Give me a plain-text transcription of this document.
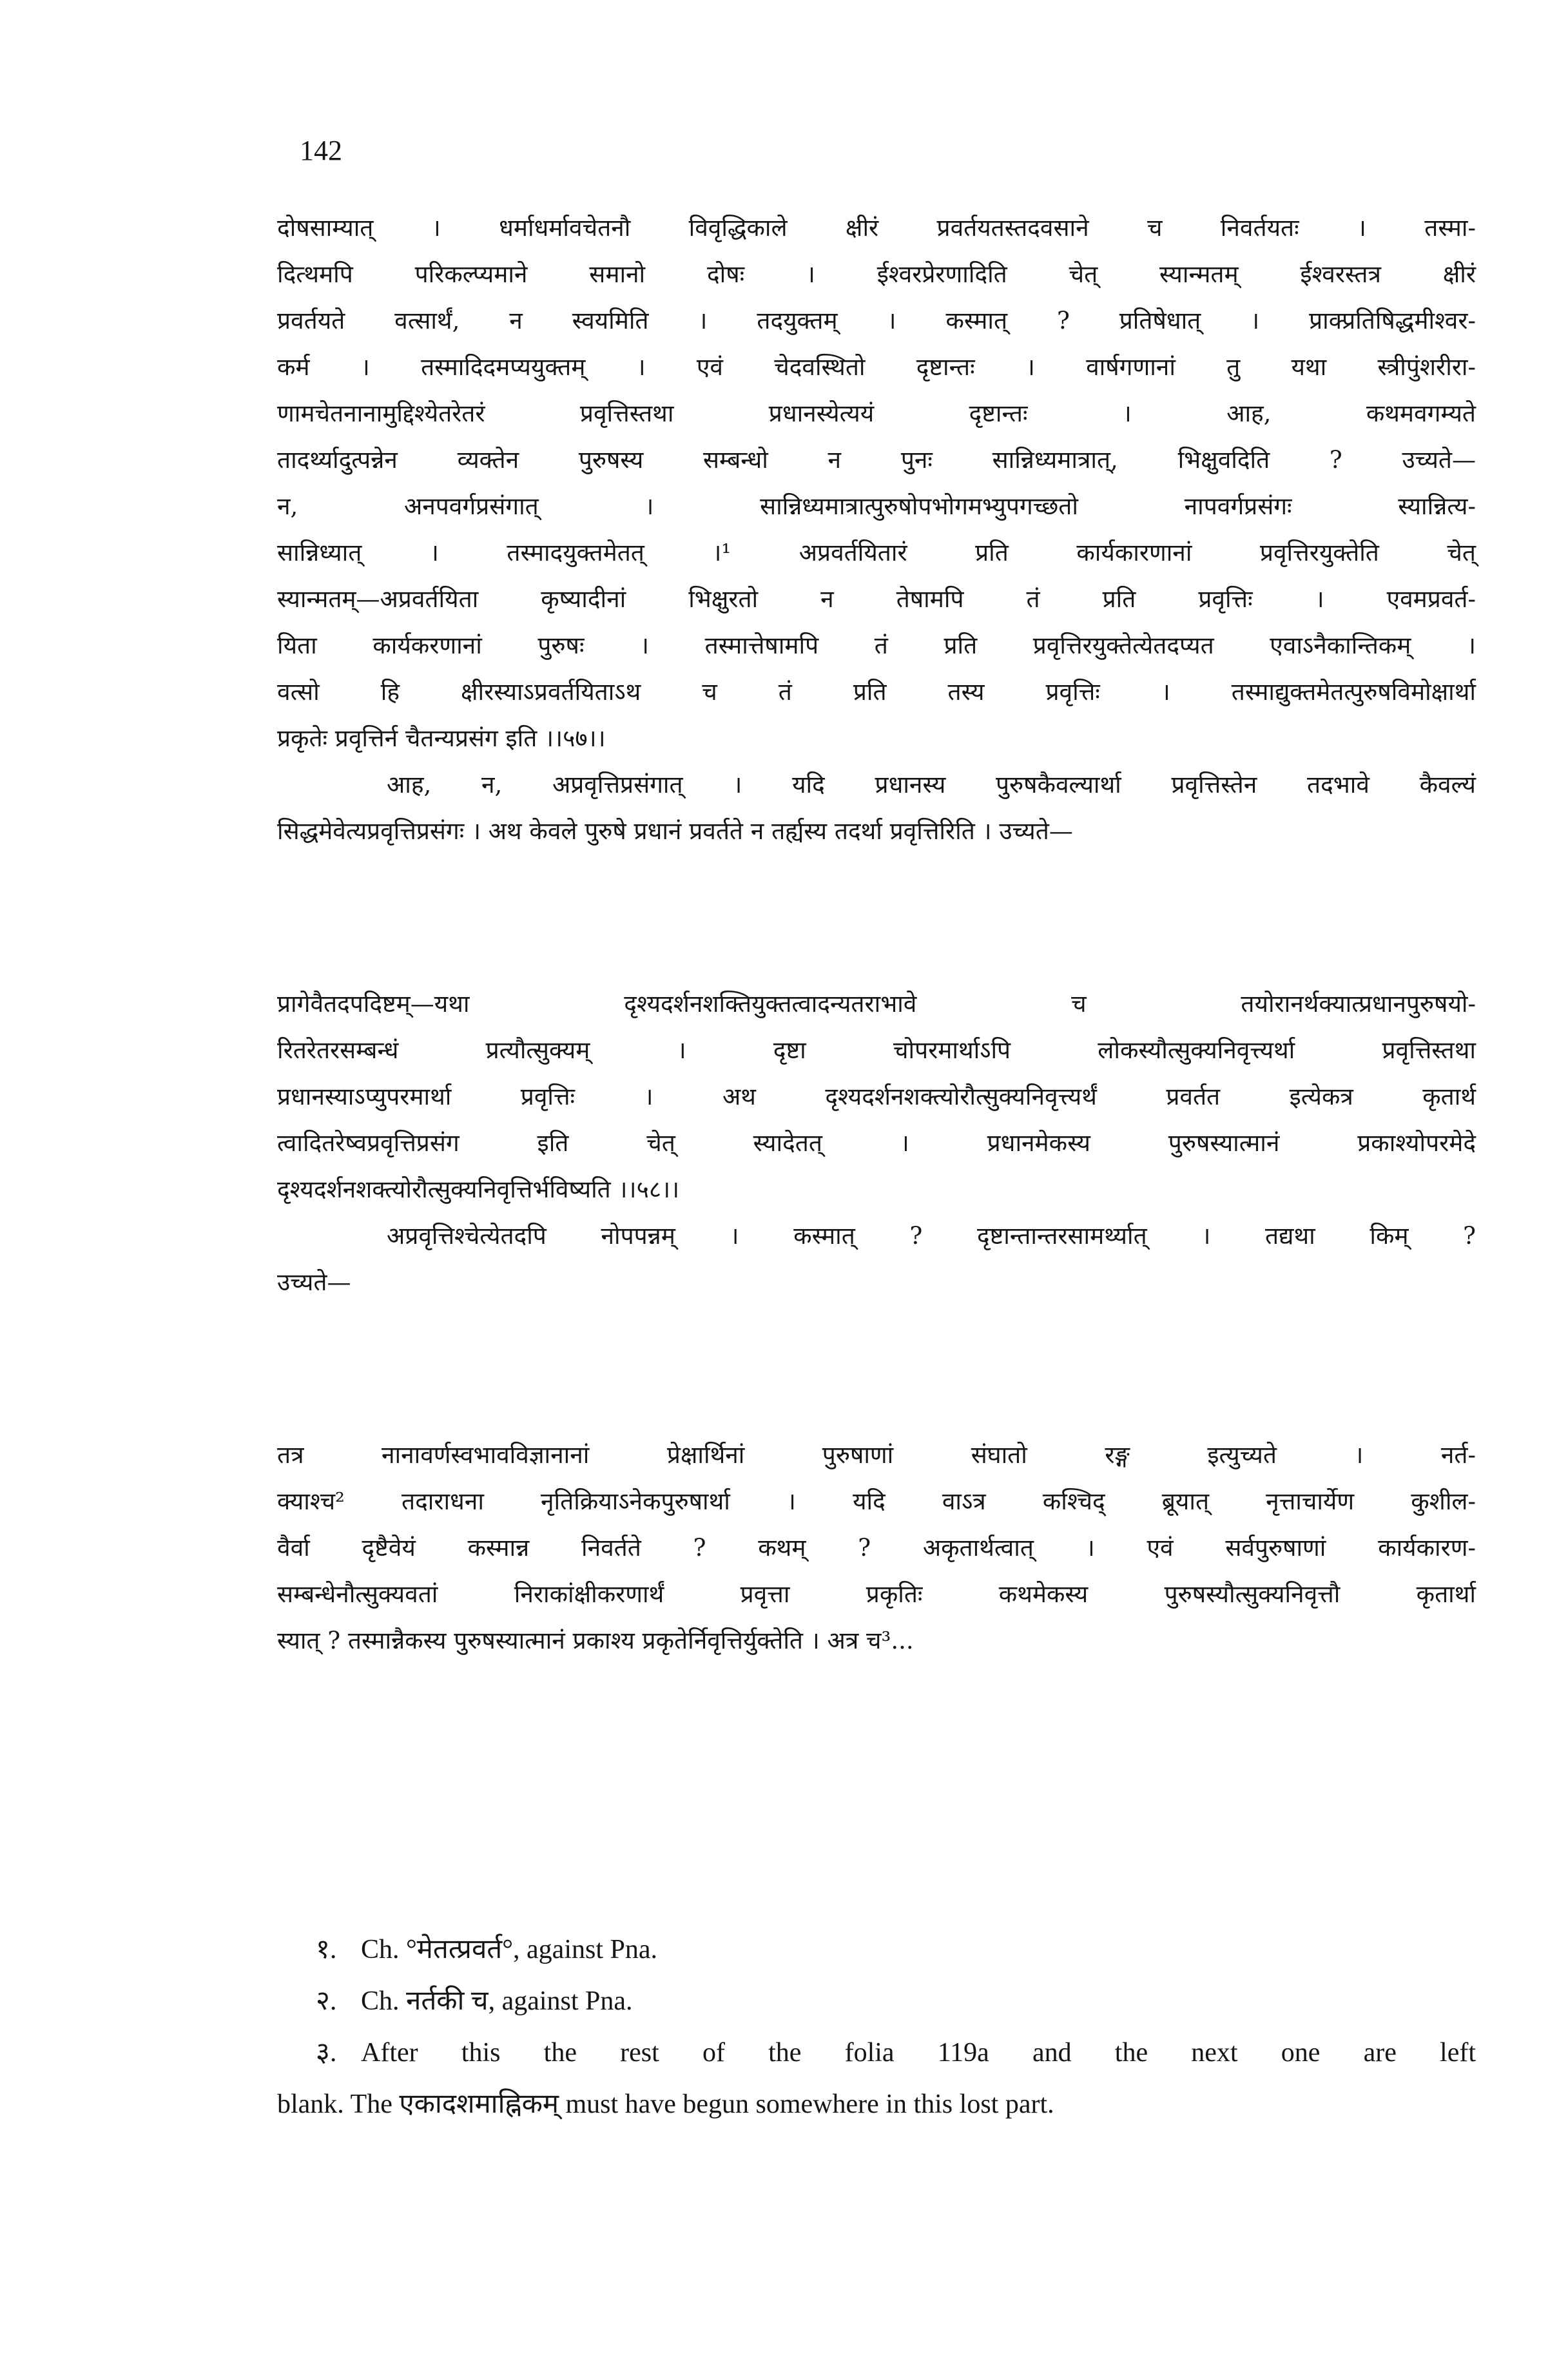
142
दोषसाम्यात् । धर्माधर्मावचेतनौ विवृद्धिकाले क्षीरं प्रवर्तयतस्तदवसाने च निवर्तयतः । तस्मा-
दित्थमपि परिकल्प्यमाने समानो दोषः । ईश्वरप्रेरणादिति चेत् स्यान्मतम् ईश्वरस्तत्र क्षीरं
प्रवर्तयते वत्सार्थं, न स्वयमिति । तदयुक्तम् । कस्मात् ? प्रतिषेधात् । प्राक्प्रतिषिद्धमीश्वर-
कर्म । तस्मादिदमप्ययुक्तम् । एवं चेदवस्थितो दृष्टान्तः । वार्षगणानां तु यथा स्त्रीपुंशरीरा-
णामचेतनानामुद्दिश्येतरेतरं प्रवृत्तिस्तथा प्रधानस्येत्ययं दृष्टान्तः । आह, कथमवगम्यते
तादर्थ्यादुत्पन्नेन व्यक्तेन पुरुषस्य सम्बन्धो न पुनः सान्निध्यमात्रात्, भिक्षुवदिति ? उच्यते—
न, अनपवर्गप्रसंगात् । सान्निध्यमात्रात्पुरुषोपभोगमभ्युपगच्छतो नापवर्गप्रसंगः स्यान्नित्य-
सान्निध्यात् । तस्मादयुक्तमेतत् ।¹ अप्रवर्तयितारं प्रति कार्यकारणानां प्रवृत्तिरयुक्तेति चेत्
स्यान्मतम्—अप्रवर्तयिता कृष्यादीनां भिक्षुरतो न तेषामपि तं प्रति प्रवृत्तिः । एवमप्रवर्त-
यिता कार्यकरणानां पुरुषः । तस्मात्तेषामपि तं प्रति प्रवृत्तिरयुक्तेत्येतदप्यत एवाऽनैकान्तिकम् ।
वत्सो हि क्षीरस्याऽप्रवर्तयिताऽथ च तं प्रति तस्य प्रवृत्तिः । तस्माद्युक्तमेतत्पुरुषविमोक्षार्था
प्रकृतेः प्रवृत्तिर्न चैतन्यप्रसंग इति ।।५७।।
आह, न, अप्रवृत्तिप्रसंगात् । यदि प्रधानस्य पुरुषकैवल्यार्था प्रवृत्तिस्तेन तदभावे कैवल्यं
सिद्धमेवेत्यप्रवृत्तिप्रसंगः । अथ केवले पुरुषे प्रधानं प्रवर्तते न तर्ह्यस्य तदर्था प्रवृत्तिरिति । उच्यते—
प्रागेवैतदपदिष्टम्—यथा दृश्यदर्शनशक्तियुक्तत्वादन्यतराभावे च तयोरानर्थक्यात्प्रधानपुरुषयो-
रितरेतरसम्बन्धं प्रत्यौत्सुक्यम् । दृष्टा चोपरमार्थाऽपि लोकस्यौत्सुक्यनिवृत्त्यर्था प्रवृत्तिस्तथा
प्रधानस्याऽप्युपरमार्था प्रवृत्तिः । अथ दृश्यदर्शनशक्त्योरौत्सुक्यनिवृत्त्यर्थं प्रवर्तत इत्येकत्र कृतार्थ
त्वादितरेष्वप्रवृत्तिप्रसंग इति चेत् स्यादेतत् । प्रधानमेकस्य पुरुषस्यात्मानं प्रकाश्योपरमेदे
दृश्यदर्शनशक्त्योरौत्सुक्यनिवृत्तिर्भविष्यति ।।५८।।
अप्रवृत्तिश्चेत्येतदपि नोपपन्नम् । कस्मात् ? दृष्टान्तान्तरसामर्थ्यात् । तद्यथा किम् ?
उच्यते—
तत्र नानावर्णस्वभावविज्ञानानां प्रेक्षार्थिनां पुरुषाणां संघातो रङ्ग इत्युच्यते । नर्त-
क्याश्च² तदाराधना नृतिक्रियाऽनेकपुरुषार्था । यदि वाऽत्र कश्चिद् ब्रूयात् नृत्ताचार्येण कुशील-
वैर्वा दृष्टैवेयं कस्मान्न निवर्तते ? कथम् ? अकृतार्थत्वात् । एवं सर्वपुरुषाणां कार्यकारण-
सम्बन्धेनौत्सुक्यवतां निराकांक्षीकरणार्थं प्रवृत्ता प्रकृतिः कथमेकस्य पुरुषस्यौत्सुक्यनिवृत्तौ कृतार्था
स्यात् ? तस्मान्नैकस्य पुरुषस्यात्मानं प्रकाश्य प्रकृतेर्निवृत्तिर्युक्तेति । अत्र च³...
१. Ch. °मेतत्प्रवर्त°, against Pna.
२. Ch. नर्तकी च, against Pna.
३. After this the rest of the folia 119a and the next one are left
blank. The एकादशमाह्निकम् must have begun somewhere in this lost part.
